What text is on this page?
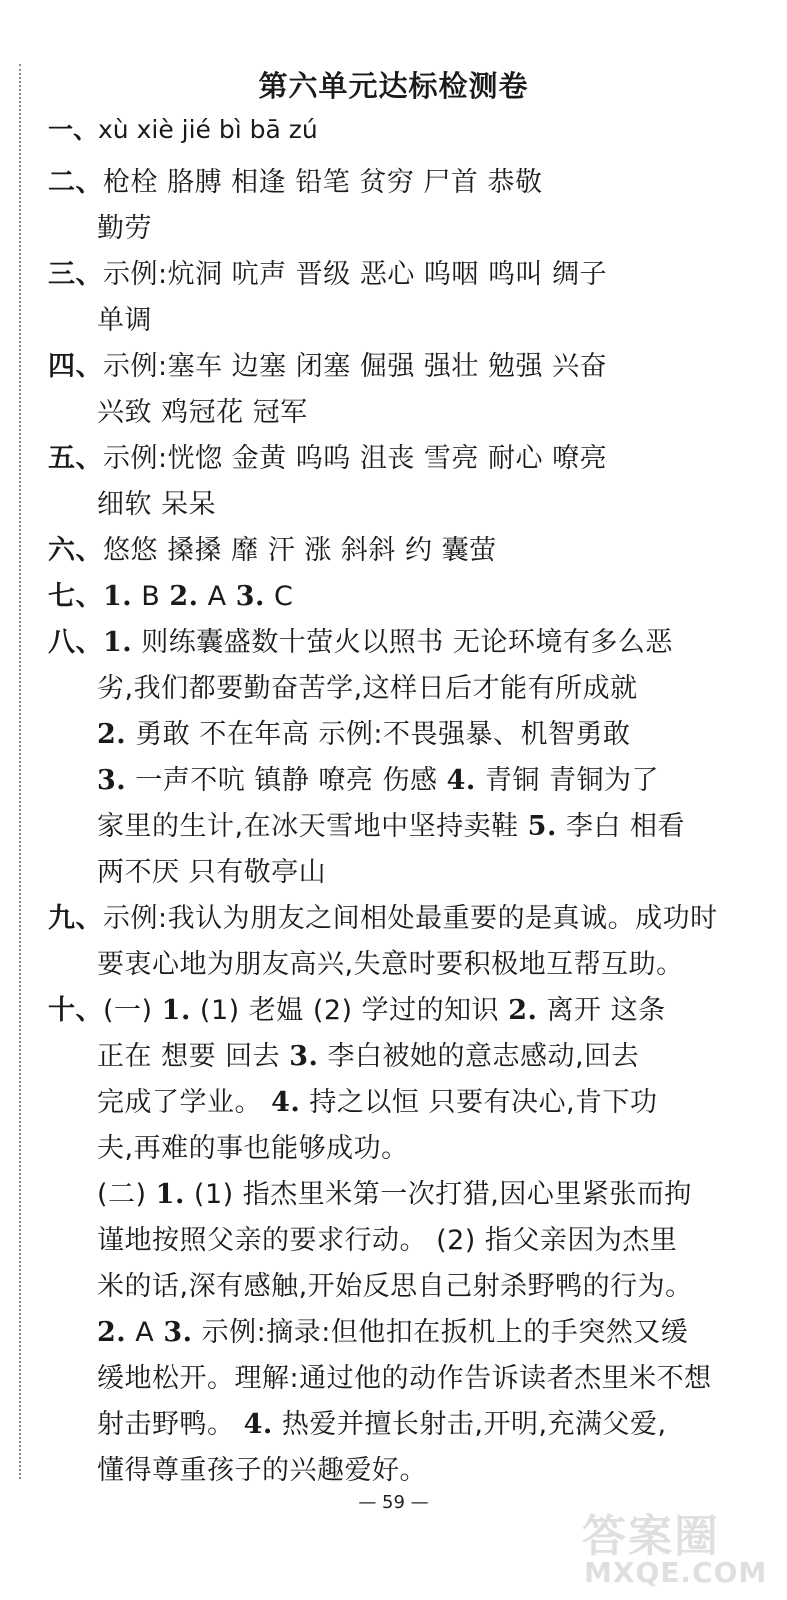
第六单元达标检测卷
一、xù xiè jié bì bā zú
二、枪栓 胳膊 相逢 铅笔 贫穷 尸首 恭敬
勤劳
三、示例:炕洞 吭声 晋级 恶心 呜咽 鸣叫 绸子
单调
四、示例:塞车 边塞 闭塞 倔强 强壮 勉强 兴奋
兴致 鸡冠花 冠军
五、示例:恍惚 金黄 呜呜 沮丧 雪亮 耐心 嘹亮
细软 呆呆
六、悠悠 搡搡 靡 汗 涨 斜斜 约 囊萤
七、1. B 2. A 3. C
八、1. 则练囊盛数十萤火以照书 无论环境有多么恶
劣,我们都要勤奋苦学,这样日后才能有所成就
2. 勇敢 不在年高 示例:不畏强暴、机智勇敢
3. 一声不吭 镇静 嘹亮 伤感 4. 青铜 青铜为了
家里的生计,在冰天雪地中坚持卖鞋 5. 李白 相看
两不厌 只有敬亭山
九、示例:我认为朋友之间相处最重要的是真诚。成功时
要衷心地为朋友高兴,失意时要积极地互帮互助。
十、(一) 1. (1) 老媪 (2) 学过的知识 2. 离开 这条
正在 想要 回去 3. 李白被她的意志感动,回去
完成了学业。 4. 持之以恒 只要有决心,肯下功
夫,再难的事也能够成功。
(二) 1. (1) 指杰里米第一次打猎,因心里紧张而拘
谨地按照父亲的要求行动。 (2) 指父亲因为杰里
米的话,深有感触,开始反思自己射杀野鸭的行为。
2. A 3. 示例:摘录:但他扣在扳机上的手突然又缓
缓地松开。理解:通过他的动作告诉读者杰里米不想
射击野鸭。 4. 热爱并擅长射击,开明,充满父爱,
懂得尊重孩子的兴趣爱好。
— 59 —
答案圈
MXQE.COM
